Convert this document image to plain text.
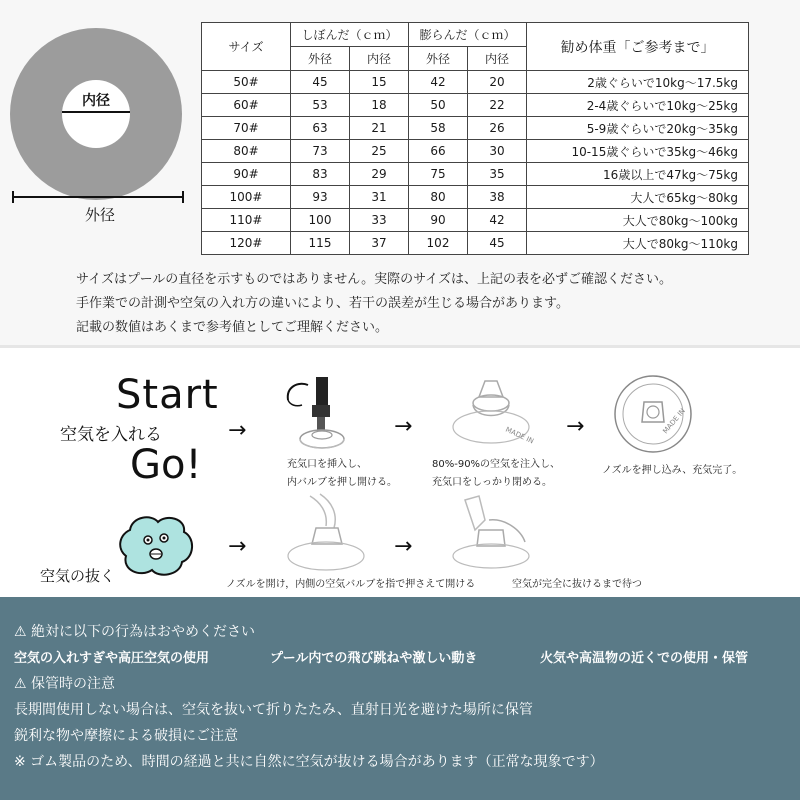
内径
外径
サイズ	しぼんだ（ｃｍ）		膨らんだ（ｃｍ）		勧め体重「ご参考まで」
	外径	内径	外径	内径	
50#	45	15	42	20	2歳ぐらいで10kg～17.5kg
60#	53	18	50	22	2-4歳ぐらいで10kg～25kg
70#	63	21	58	26	5-9歳ぐらいで20kg～35kg
80#	73	25	66	30	10-15歳ぐらいで35kg～46kg
90#	83	29	75	35	16歳以上で47kg～75kg
100#	93	31	80	38	大人で65kg～80kg
110#	100	33	90	42	大人で80kg～100kg
120#	115	37	102	45	大人で80kg～110kg
サイズはプールの直径を示すものではありません。実際のサイズは、上記の表を必ずご確認ください。
手作業での計測や空気の入れ方の違いにより、若干の誤差が生じる場合があります。
記載の数値はあくまで参考値としてご理解ください。
Start
空気を入れる
Go!
→	→	→
充気口を挿入し、
内バルブを押し開ける。
MADE IN
80%-90%の空気を注入し、
充気口をしっかり閉める。
MADE IN
ノズルを押し込み、充気完了。
空気の抜く
→	→
ノズルを開け，内側の空気バルブを指で押さえて開ける	空気が完全に抜けるまで待つ
⚠ 絶対に以下の行為はおやめください
空気の入れすぎや高圧空気の使用	プール内での飛び跳ねや激しい動き	火気や高温物の近くでの使用・保管
⚠ 保管時の注意
長期間使用しない場合は、空気を抜いて折りたたみ、直射日光を避けた場所に保管
鋭利な物や摩擦による破損にご注意
※ ゴム製品のため、時間の経過と共に自然に空気が抜ける場合があります（正常な現象です）
